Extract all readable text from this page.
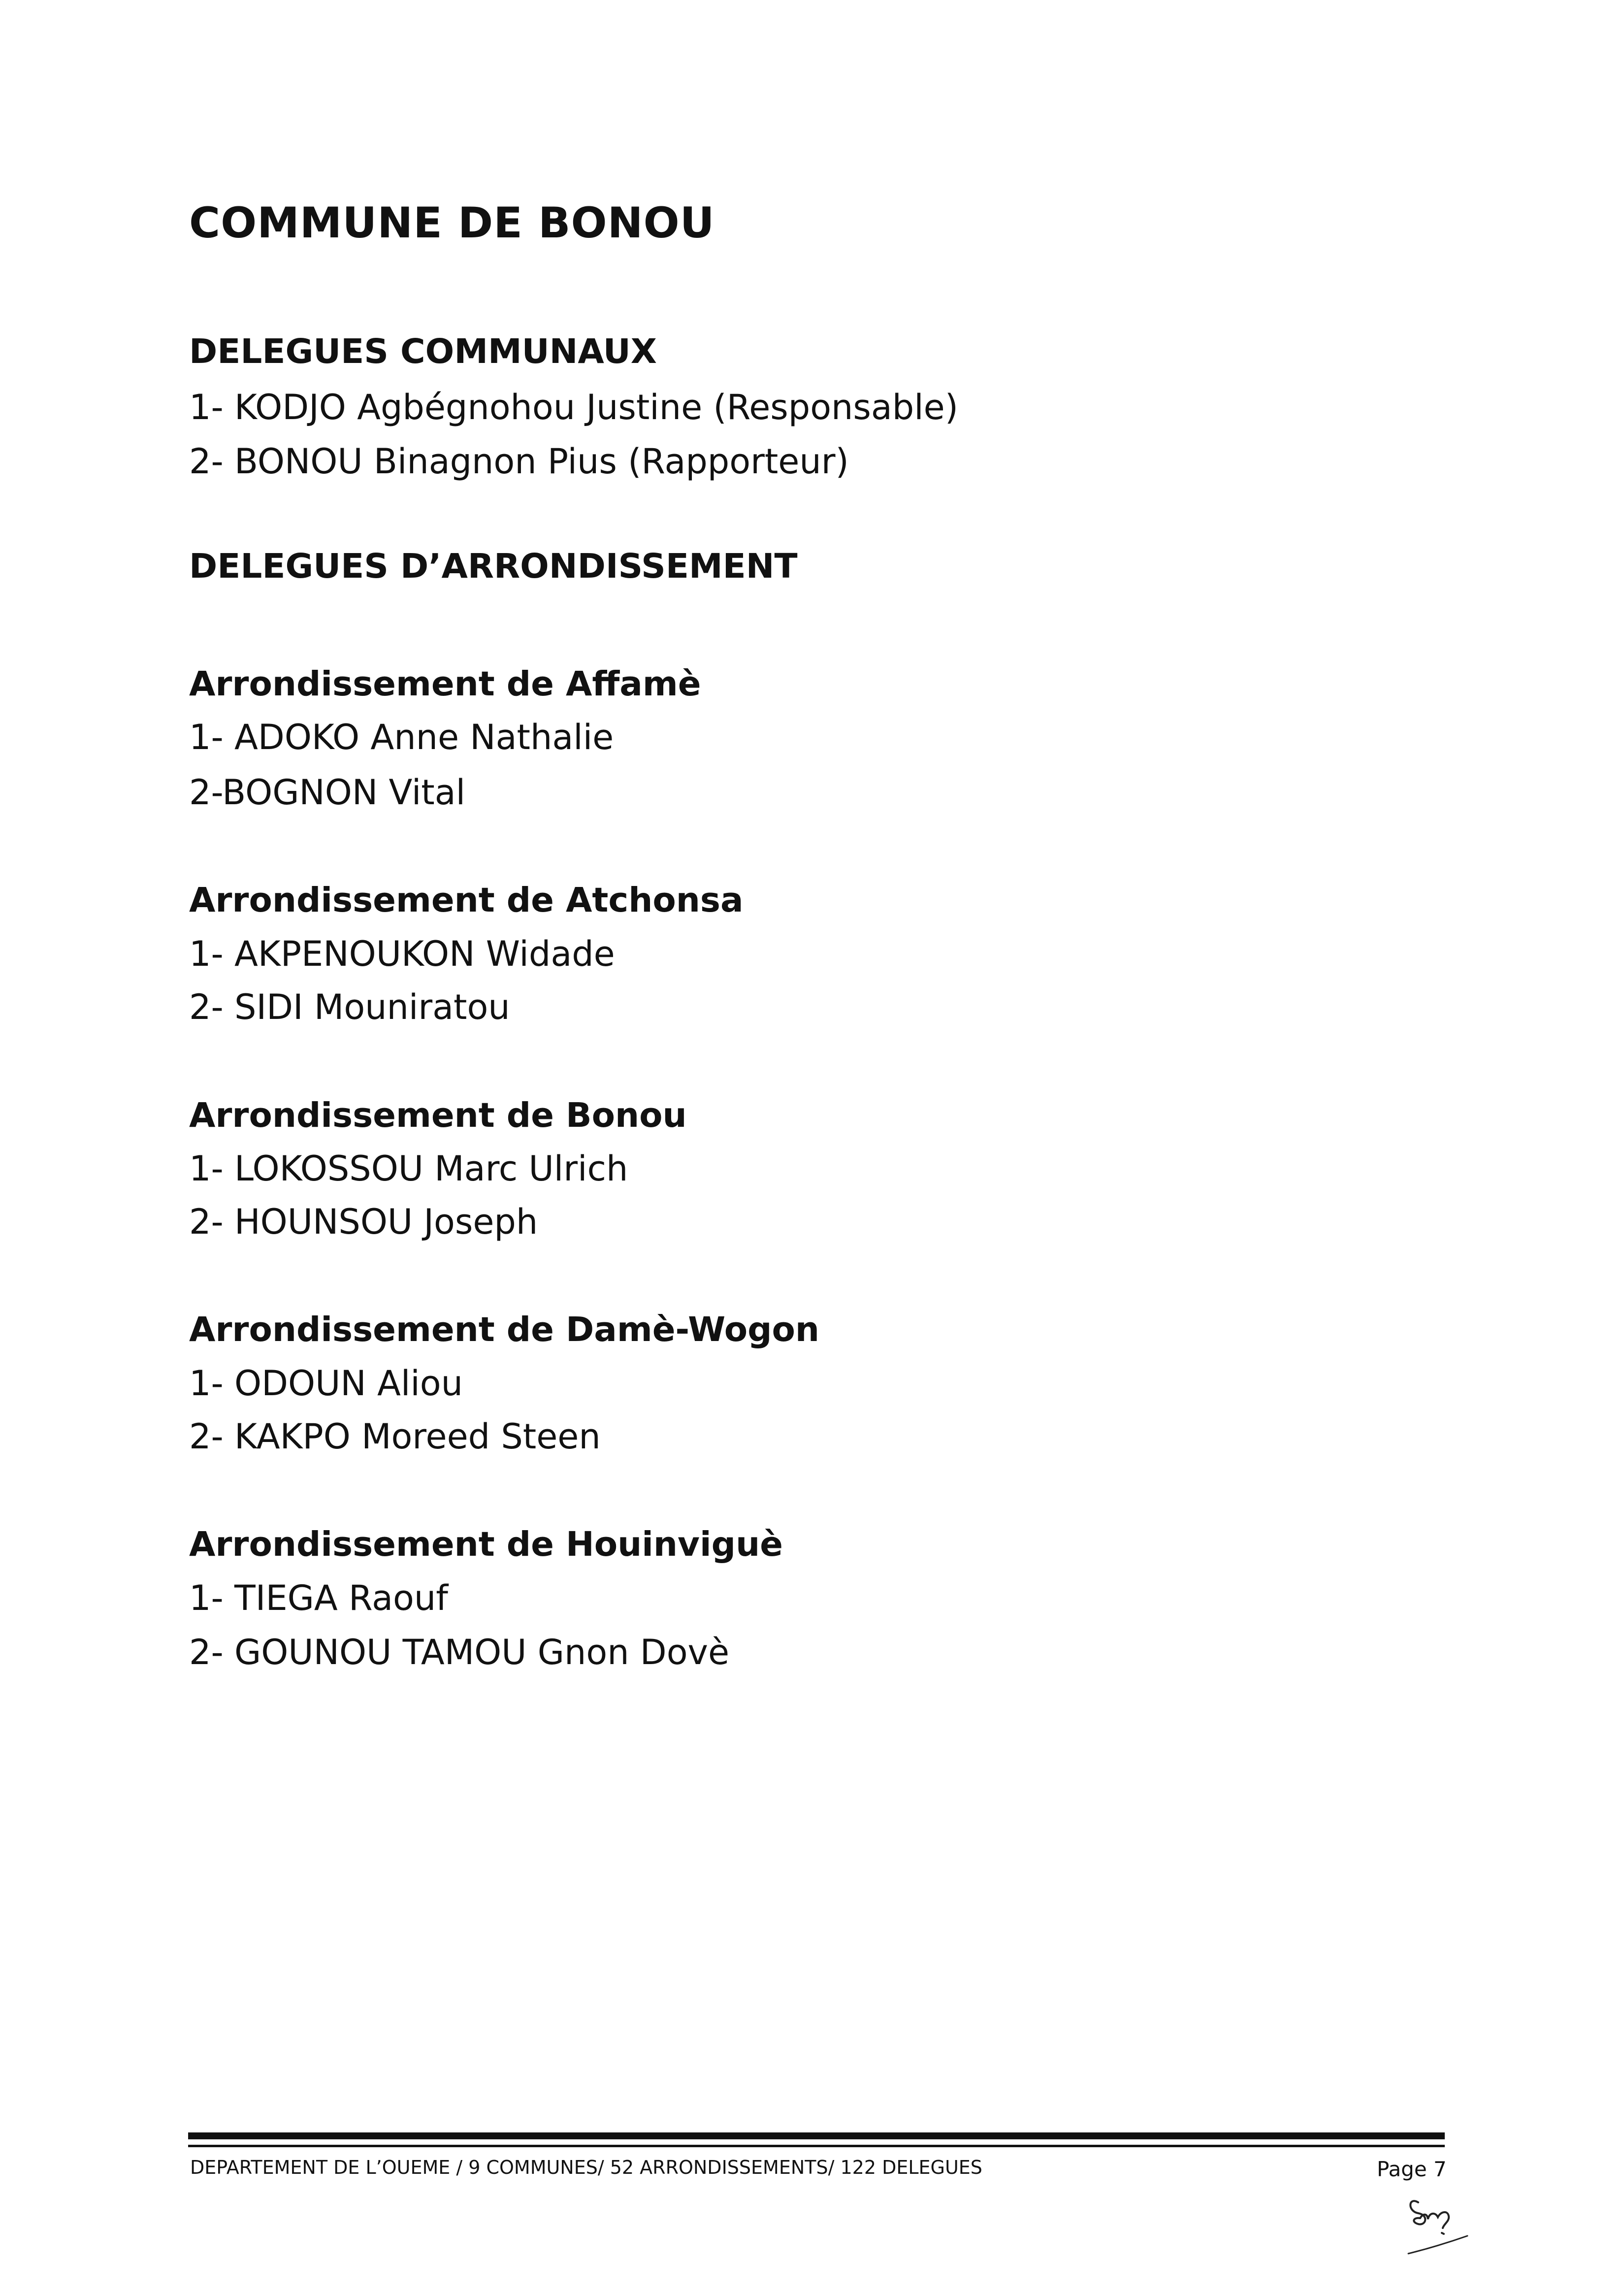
COMMUNE DE BONOU
DELEGUES COMMUNAUX
1- KODJO Agbégnohou Justine (Responsable)
2- BONOU Binagnon Pius (Rapporteur)
DELEGUES D’ARRONDISSEMENT
Arrondissement de Affamè
1- ADOKO Anne Nathalie
2-BOGNON Vital
Arrondissement de Atchonsa
1- AKPENOUKON Widade
2- SIDI Mouniratou
Arrondissement de Bonou
1- LOKOSSOU Marc Ulrich
2- HOUNSOU Joseph
Arrondissement de Damè-Wogon
1- ODOUN Aliou
2- KAKPO Moreed Steen
Arrondissement de Houinviguè
1- TIEGA Raouf
2- GOUNOU TAMOU Gnon Dovè
DEPARTEMENT DE L’OUEME / 9 COMMUNES/ 52 ARRONDISSEMENTS/ 122 DELEGUES	Page 7
